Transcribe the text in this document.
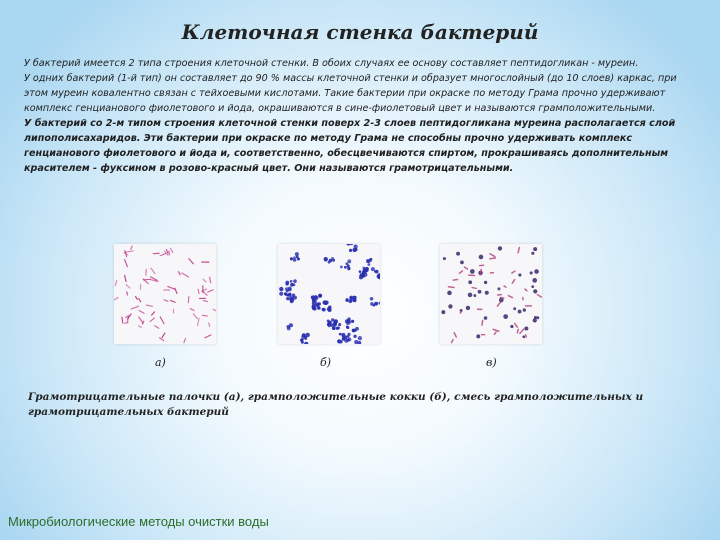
Клеточная стенка бактерий

У бактерий имеется 2 типа строения клеточной стенки. В обоих случаях ее основу составляет пептидогликан - муреин.

У одних бактерий (1-й тип) он составляет до 90 % массы клеточной стенки и образует многослойный (до 10 слоев) каркас, при этом муреин ковалентно связан с тейхоевыми кислотами. Такие бактерии при окраске по методу Грама прочно удерживают комплекс генцианового фиолетового и йода, окрашиваются в сине-фиолетовый цвет и называются грамположительными.

У бактерий со 2-м типом строения клеточной стенки поверх 2-3 слоев пептидогликана муреина располагается слой липополисахаридов. Эти бактерии при окраске по методу Грама не способны прочно удерживать комплекс генцианового фиолетового и йода и, соответственно, обесцвечиваются спиртом, прокрашиваясь дополнительным красителем - фуксином в розово-красный цвет. Они называются грамотрицательными.

а)	б)	в)
Грамотрицательные палочки (а), грамположительные кокки (б), смесь грамположительных и грамотрицательных бактерий
Микробиологические методы очистки воды
